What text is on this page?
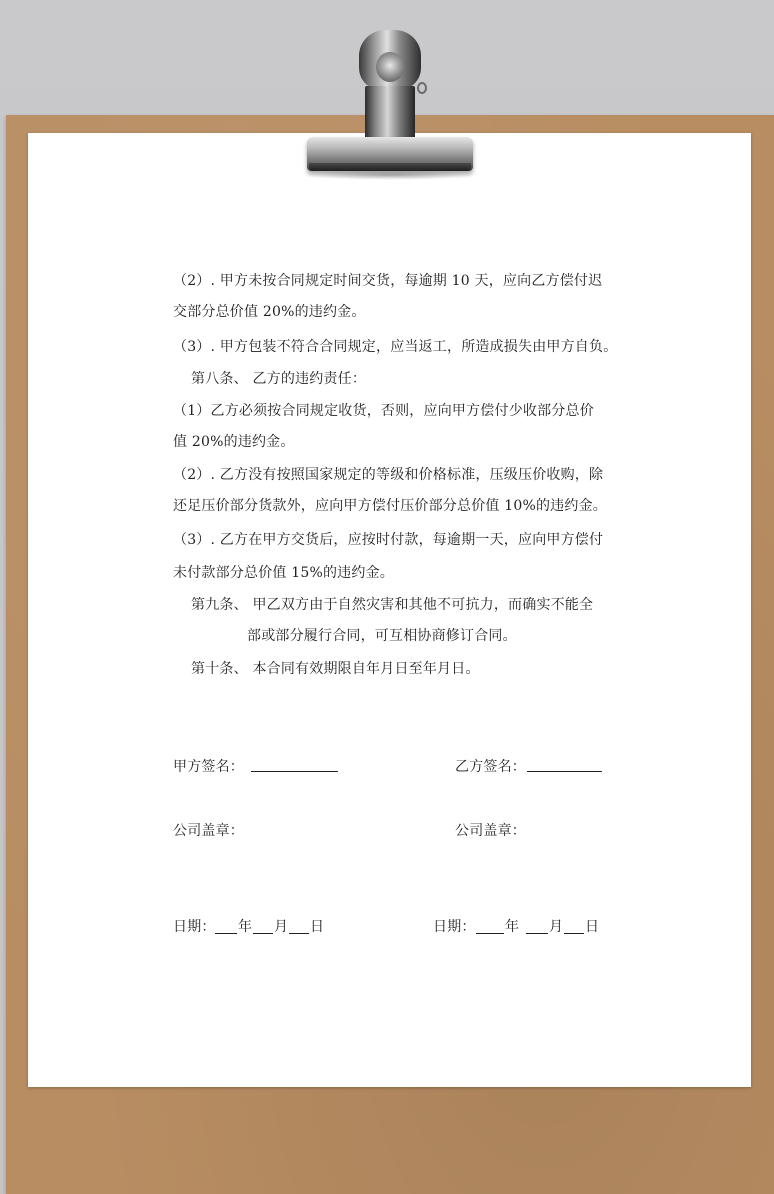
（2）. 甲方未按合同规定时间交货，每逾期 10 天，应向乙方偿付迟
交部分总价值 20%的违约金。
（3）. 甲方包装不符合合同规定，应当返工，所造成损失由甲方自负。
第八条、 乙方的违约责任：
（1）乙方必须按合同规定收货，否则，应向甲方偿付少收部分总价
值 20%的违约金。
（2）. 乙方没有按照国家规定的等级和价格标准，压级压价收购，除
还足压价部分货款外，应向甲方偿付压价部分总价值 10%的违约金。
（3）. 乙方在甲方交货后，应按时付款，每逾期一天，应向甲方偿付
未付款部分总价值 15%的违约金。
第九条、 甲乙双方由于自然灾害和其他不可抗力，而确实不能全
部或部分履行合同，可互相协商修订合同。
第十条、 本合同有效期限自年月日至年月日。
甲方签名：	乙方签名：
公司盖章：	公司盖章：
日期： 年 月 日	日期： 年 月 日
